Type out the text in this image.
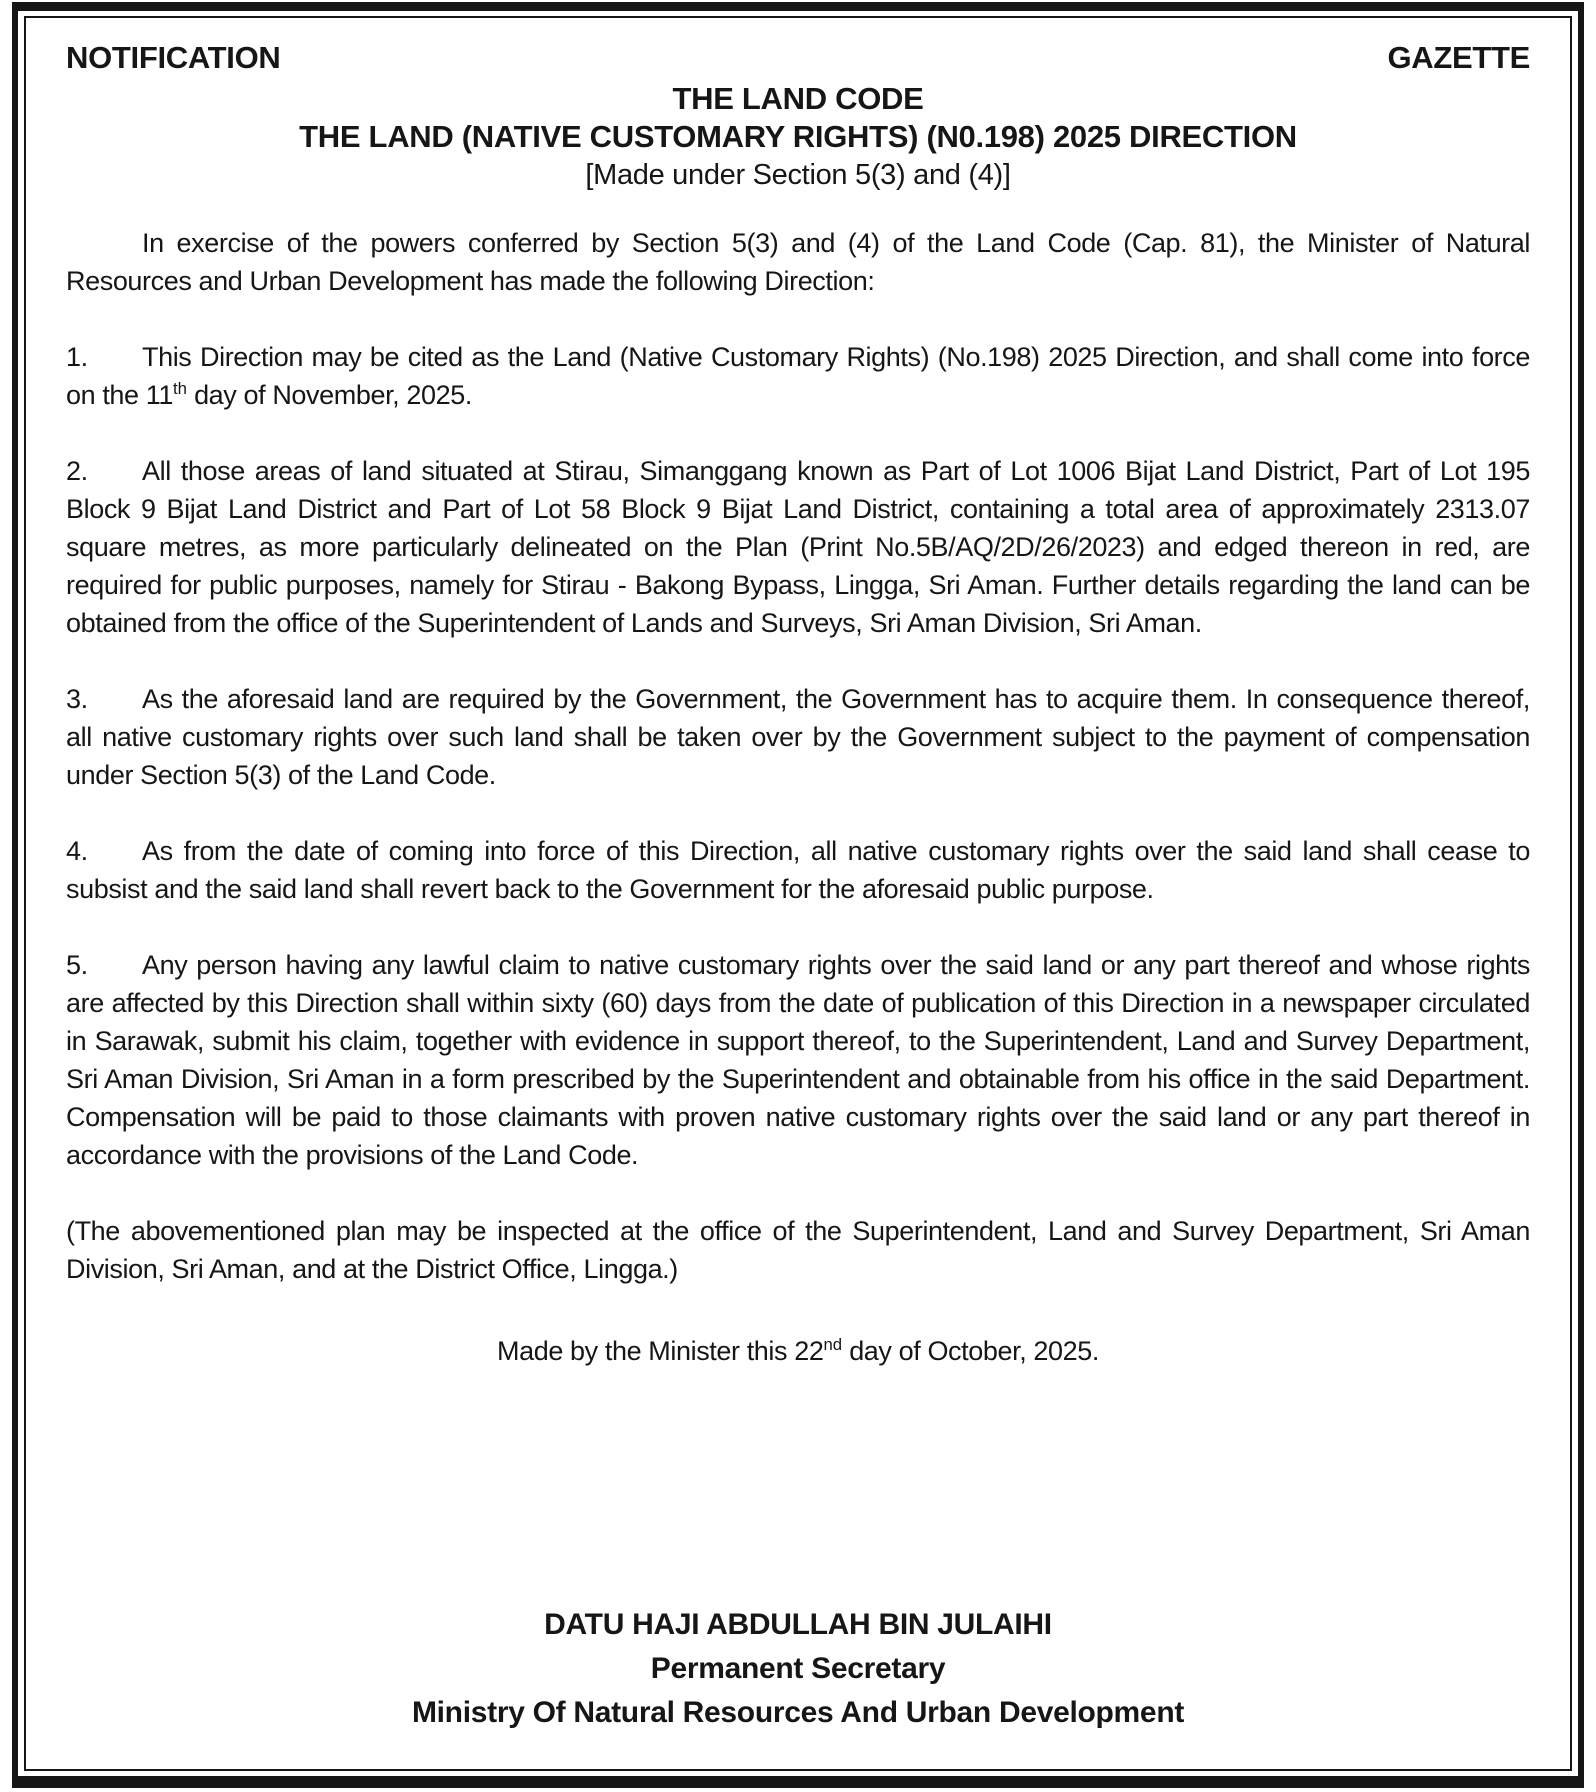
NOTIFICATION	GAZETTE
THE LAND CODE
THE LAND (NATIVE CUSTOMARY RIGHTS) (N0.198) 2025 DIRECTION
[Made under Section 5(3) and (4)]

In exercise of the powers conferred by Section 5(3) and (4) of the Land Code (Cap. 81), the Minister of Natural Resources and Urban Development has made the following Direction:

1. This Direction may be cited as the Land (Native Customary Rights) (No.198) 2025 Direction, and shall come into force on the 11th day of November, 2025.

2. All those areas of land situated at Stirau, Simanggang known as Part of Lot 1006 Bijat Land District, Part of Lot 195 Block 9 Bijat Land District and Part of Lot 58 Block 9 Bijat Land District, containing a total area of approximately 2313.07 square metres, as more particularly delineated on the Plan (Print No.5B/AQ/2D/26/2023) and edged thereon in red, are required for public purposes, namely for Stirau - Bakong Bypass, Lingga, Sri Aman. Further details regarding the land can be obtained from the office of the Superintendent of Lands and Surveys, Sri Aman Division, Sri Aman.

3. As the aforesaid land are required by the Government, the Government has to acquire them. In consequence thereof, all native customary rights over such land shall be taken over by the Government subject to the payment of compensation under Section 5(3) of the Land Code.

4. As from the date of coming into force of this Direction, all native customary rights over the said land shall cease to subsist and the said land shall revert back to the Government for the aforesaid public purpose.

5. Any person having any lawful claim to native customary rights over the said land or any part thereof and whose rights are affected by this Direction shall within sixty (60) days from the date of publication of this Direction in a newspaper circulated in Sarawak, submit his claim, together with evidence in support thereof, to the Superintendent, Land and Survey Department, Sri Aman Division, Sri Aman in a form prescribed by the Superintendent and obtainable from his office in the said Department. Compensation will be paid to those claimants with proven native customary rights over the said land or any part thereof in accordance with the provisions of the Land Code.

(The abovementioned plan may be inspected at the office of the Superintendent, Land and Survey Department, Sri Aman Division, Sri Aman, and at the District Office, Lingga.)

Made by the Minister this 22nd day of October, 2025.

DATU HAJI ABDULLAH BIN JULAIHI
Permanent Secretary
Ministry Of Natural Resources And Urban Development
